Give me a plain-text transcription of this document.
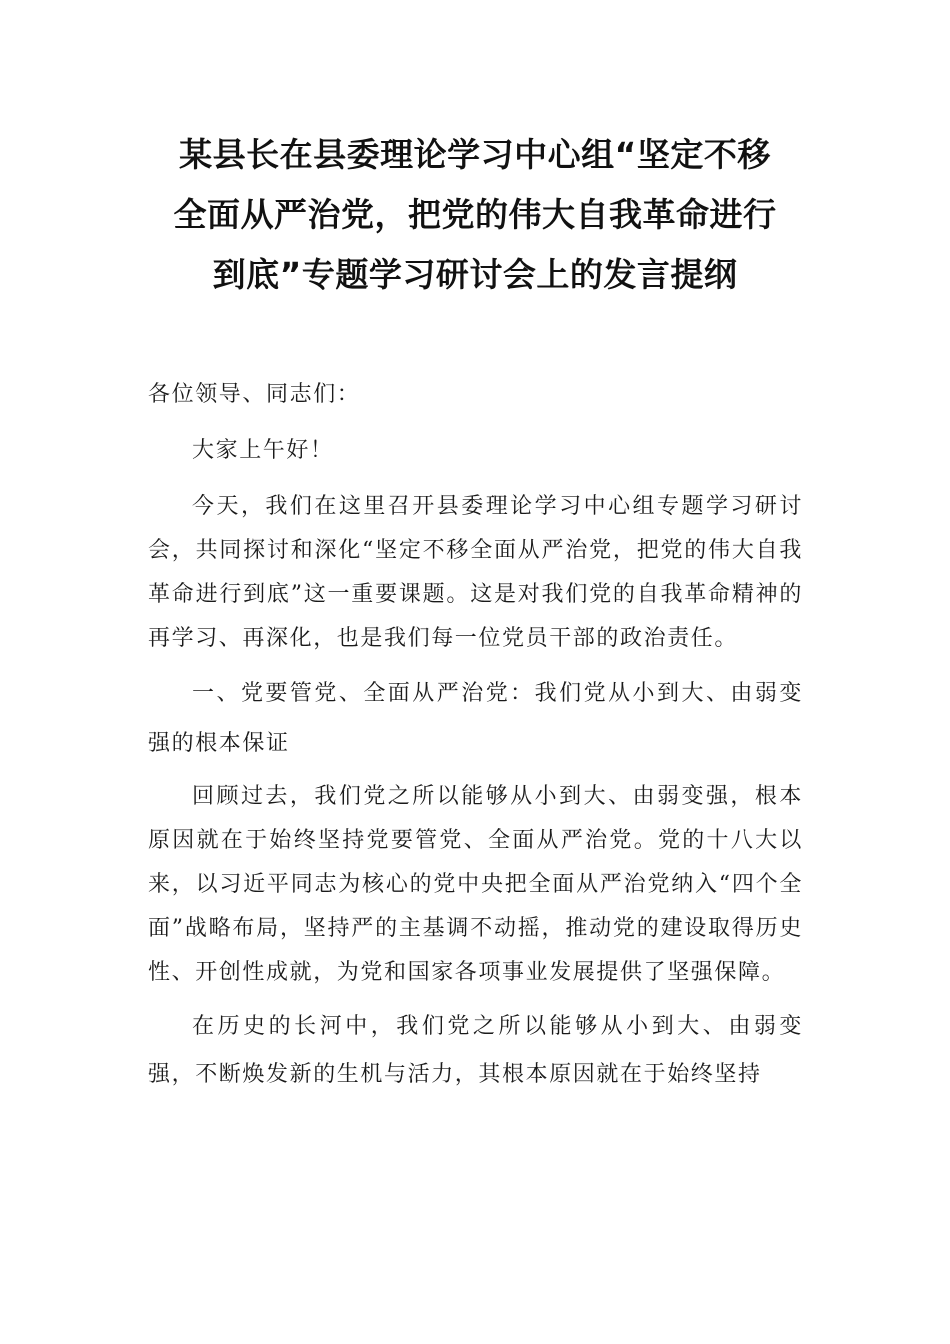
某县长在县委理论学习中心组“坚定不移
全面从严治党，把党的伟大自我革命进行
到底”专题学习研讨会上的发言提纲

各位领导、同志们：

大家上午好！

今天，我们在这里召开县委理论学习中心组专题学习研讨会，共同探讨和深化“坚定不移全面从严治党，把党的伟大自我革命进行到底”这一重要课题。这是对我们党的自我革命精神的再学习、再深化，也是我们每一位党员干部的政治责任。

一、党要管党、全面从严治党：我们党从小到大、由弱变强的根本保证

回顾过去，我们党之所以能够从小到大、由弱变强，根本原因就在于始终坚持党要管党、全面从严治党。党的十八大以来，以习近平同志为核心的党中央把全面从严治党纳入“四个全面”战略布局，坚持严的主基调不动摇，推动党的建设取得历史性、开创性成就，为党和国家各项事业发展提供了坚强保障。

在历史的长河中，我们党之所以能够从小到大、由弱变强，不断焕发新的生机与活力，其根本原因就在于始终坚持
